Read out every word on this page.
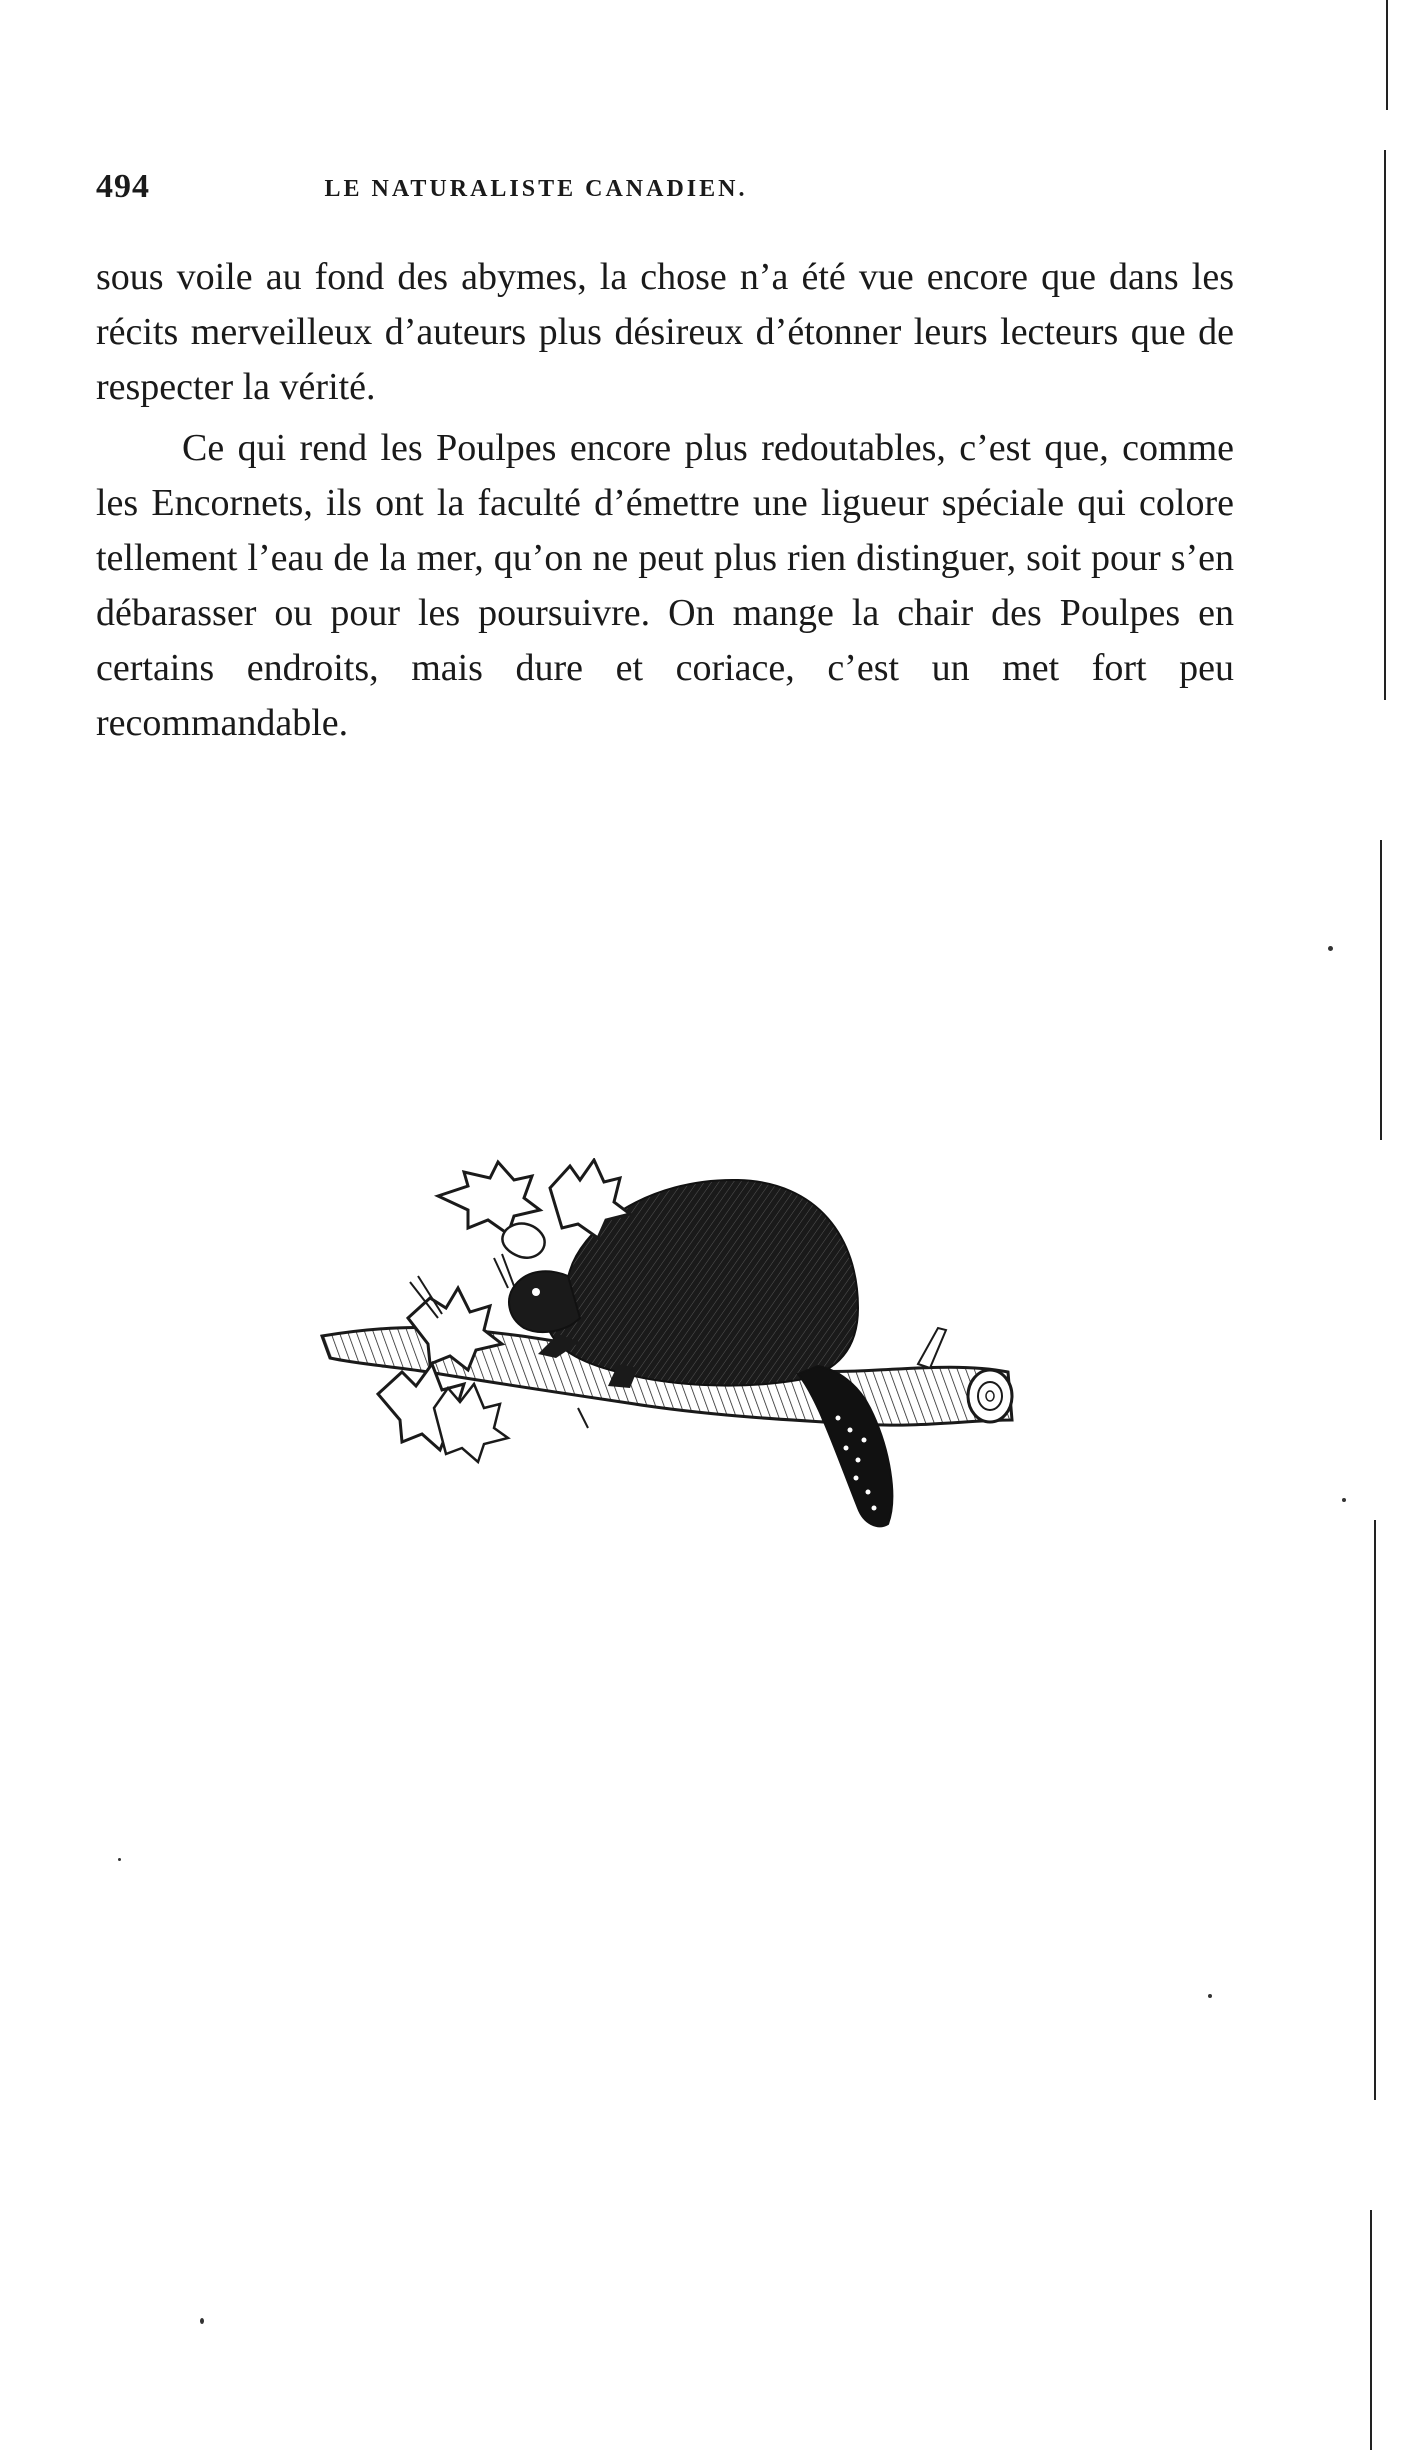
494	LE NATURALISTE CANADIEN.

sous voile au fond des abymes, la chose n’a été vue encore que dans les récits merveilleux d’auteurs plus désireux d’étonner leurs lecteurs que de respecter la vérité.

Ce qui rend les Poulpes encore plus redoutables, c’est que, comme les Encornets, ils ont la faculté d’émettre une ligueur spéciale qui colore tellement l’eau de la mer, qu’on ne peut plus rien distinguer, soit pour s’en débarasser ou pour les poursuivre. On mange la chair des Poulpes en certains endroits, mais dure et coriace, c’est un met fort peu recommandable.
